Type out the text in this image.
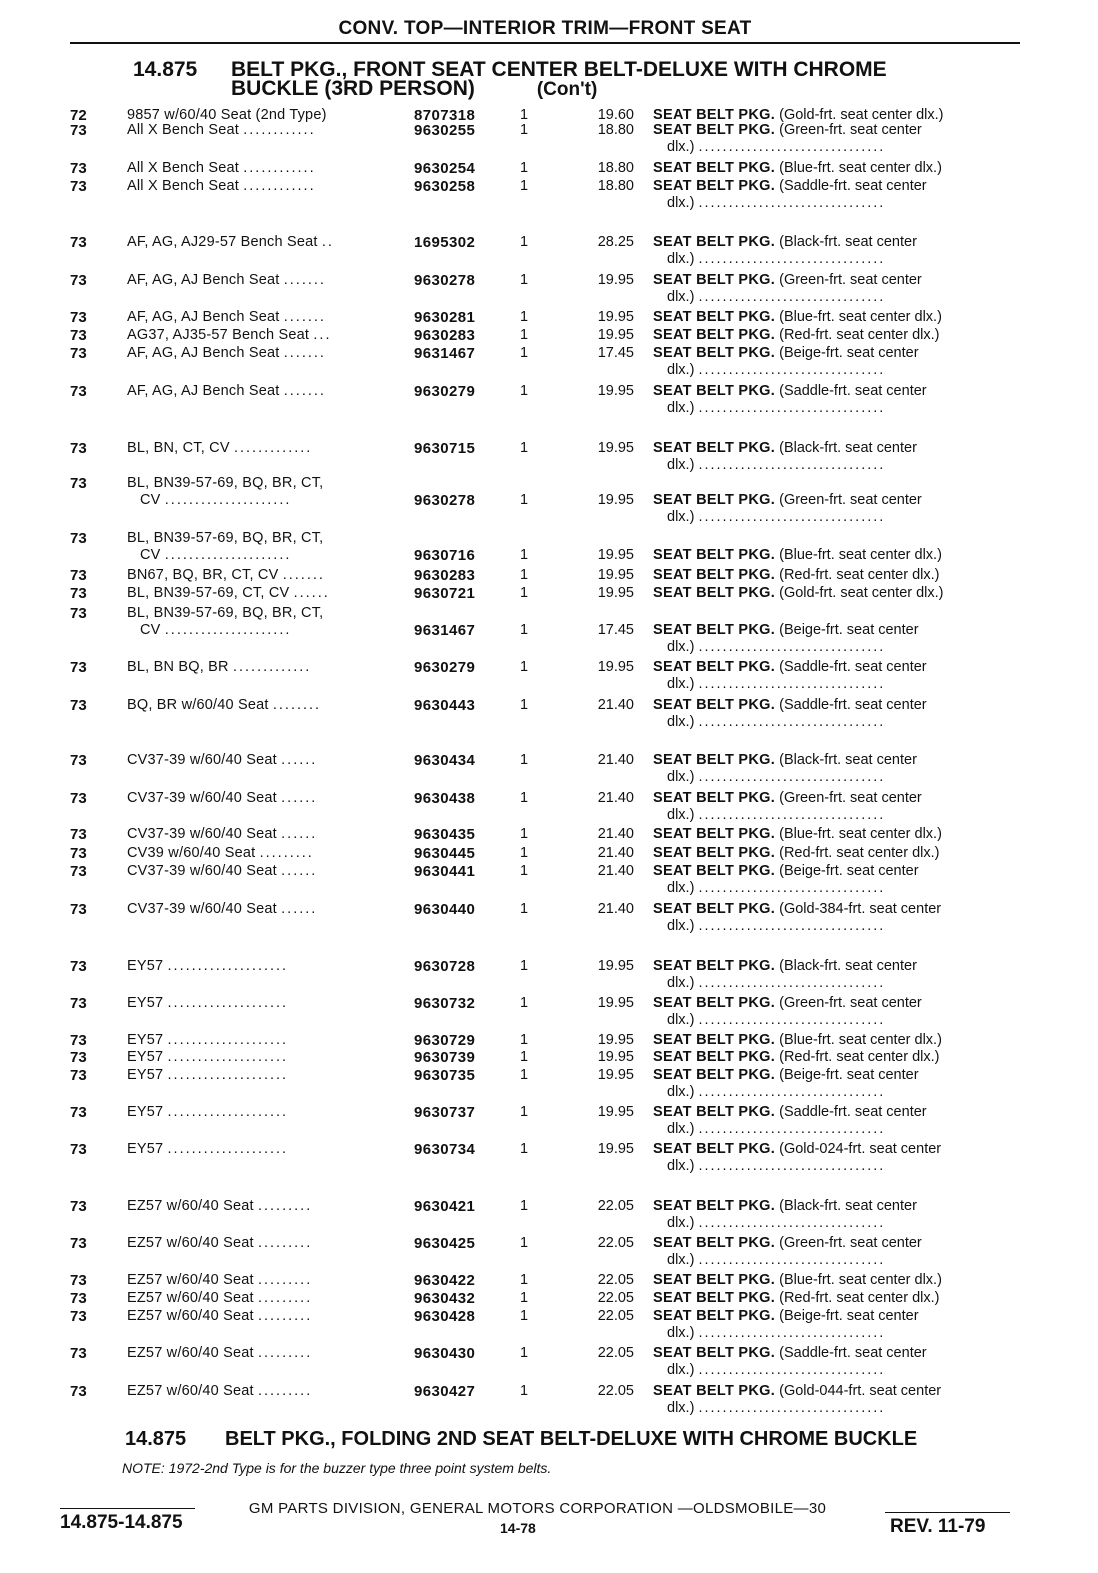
CONV. TOP—INTERIOR TRIM—FRONT SEAT
14.875 BELT PKG., FRONT SEAT CENTER BELT-DELUXE WITH CHROME
BUCKLE (3RD PERSON)	(Con't)
72	9857 w/60/40 Seat (2nd Type)	8707318	1	19.60 SEAT BELT PKG. (Gold-frt. seat center dlx.)
73	All X Bench Seat ............	9630255	1	18.80 SEAT BELT PKG. (Green-frt. seat center
dlx.) ...............................
73	All X Bench Seat ............	9630254	1	18.80 SEAT BELT PKG. (Blue-frt. seat center dlx.)
73	All X Bench Seat ............	9630258	1	18.80 SEAT BELT PKG. (Saddle-frt. seat center
dlx.) ...............................
73	AF, AG, AJ29-57 Bench Seat ..	1695302	1	28.25 SEAT BELT PKG. (Black-frt. seat center
dlx.) ...............................
73	AF, AG, AJ Bench Seat .......	9630278	1	19.95 SEAT BELT PKG. (Green-frt. seat center
dlx.) ...............................
73	AF, AG, AJ Bench Seat .......	9630281	1	19.95 SEAT BELT PKG. (Blue-frt. seat center dlx.)
73	AG37, AJ35-57 Bench Seat ...	9630283	1	19.95 SEAT BELT PKG. (Red-frt. seat center dlx.)
73	AF, AG, AJ Bench Seat .......	9631467	1	17.45 SEAT BELT PKG. (Beige-frt. seat center
dlx.) ...............................
73	AF, AG, AJ Bench Seat .......	9630279	1	19.95 SEAT BELT PKG. (Saddle-frt. seat center
dlx.) ...............................
73	BL, BN, CT, CV .............	9630715	1	19.95 SEAT BELT PKG. (Black-frt. seat center
dlx.) ...............................
73	BL, BN39-57-69, BQ, BR, CT,
CV .....................	9630278	1	19.95 SEAT BELT PKG. (Green-frt. seat center
dlx.) ...............................
73	BL, BN39-57-69, BQ, BR, CT,
CV .....................	9630716	1	19.95 SEAT BELT PKG. (Blue-frt. seat center dlx.)
73	BN67, BQ, BR, CT, CV .......	9630283	1	19.95 SEAT BELT PKG. (Red-frt. seat center dlx.)
73	BL, BN39-57-69, CT, CV ......	9630721	1	19.95 SEAT BELT PKG. (Gold-frt. seat center dlx.)
73	BL, BN39-57-69, BQ, BR, CT,
CV .....................	9631467	1	17.45 SEAT BELT PKG. (Beige-frt. seat center
dlx.) ...............................
73	BL, BN BQ, BR .............	9630279	1	19.95 SEAT BELT PKG. (Saddle-frt. seat center
dlx.) ...............................
73	BQ, BR w/60/40 Seat ........	9630443	1	21.40 SEAT BELT PKG. (Saddle-frt. seat center
dlx.) ...............................
73	CV37-39 w/60/40 Seat ......	9630434	1	21.40 SEAT BELT PKG. (Black-frt. seat center
dlx.) ...............................
73	CV37-39 w/60/40 Seat ......	9630438	1	21.40 SEAT BELT PKG. (Green-frt. seat center
dlx.) ...............................
73	CV37-39 w/60/40 Seat ......	9630435	1	21.40 SEAT BELT PKG. (Blue-frt. seat center dlx.)
73	CV39 w/60/40 Seat .........	9630445	1	21.40 SEAT BELT PKG. (Red-frt. seat center dlx.)
73	CV37-39 w/60/40 Seat ......	9630441	1	21.40 SEAT BELT PKG. (Beige-frt. seat center
dlx.) ...............................
73	CV37-39 w/60/40 Seat ......	9630440	1	21.40 SEAT BELT PKG. (Gold-384-frt. seat center
dlx.) ...............................
73	EY57 ....................	9630728	1	19.95 SEAT BELT PKG. (Black-frt. seat center
dlx.) ...............................
73	EY57 ....................	9630732	1	19.95 SEAT BELT PKG. (Green-frt. seat center
dlx.) ...............................
73	EY57 ....................	9630729	1	19.95 SEAT BELT PKG. (Blue-frt. seat center dlx.)
73	EY57 ....................	9630739	1	19.95 SEAT BELT PKG. (Red-frt. seat center dlx.)
73	EY57 ....................	9630735	1	19.95 SEAT BELT PKG. (Beige-frt. seat center
dlx.) ...............................
73	EY57 ....................	9630737	1	19.95 SEAT BELT PKG. (Saddle-frt. seat center
dlx.) ...............................
73	EY57 ....................	9630734	1	19.95 SEAT BELT PKG. (Gold-024-frt. seat center
dlx.) ...............................
73	EZ57 w/60/40 Seat .........	9630421	1	22.05 SEAT BELT PKG. (Black-frt. seat center
dlx.) ...............................
73	EZ57 w/60/40 Seat .........	9630425	1	22.05 SEAT BELT PKG. (Green-frt. seat center
dlx.) ...............................
73	EZ57 w/60/40 Seat .........	9630422	1	22.05 SEAT BELT PKG. (Blue-frt. seat center dlx.)
73	EZ57 w/60/40 Seat .........	9630432	1	22.05 SEAT BELT PKG. (Red-frt. seat center dlx.)
73	EZ57 w/60/40 Seat .........	9630428	1	22.05 SEAT BELT PKG. (Beige-frt. seat center
dlx.) ...............................
73	EZ57 w/60/40 Seat .........	9630430	1	22.05 SEAT BELT PKG. (Saddle-frt. seat center
dlx.) ...............................
73	EZ57 w/60/40 Seat .........	9630427	1	22.05 SEAT BELT PKG. (Gold-044-frt. seat center
dlx.) ...............................
14.875 BELT PKG., FOLDING 2ND SEAT BELT-DELUXE WITH CHROME BUCKLE
NOTE: 1972-2nd Type is for the buzzer type three point system belts.
GM PARTS DIVISION, GENERAL MOTORS CORPORATION —OLDSMOBILE—30
14.875-14.875	14-78	REV. 11-79
